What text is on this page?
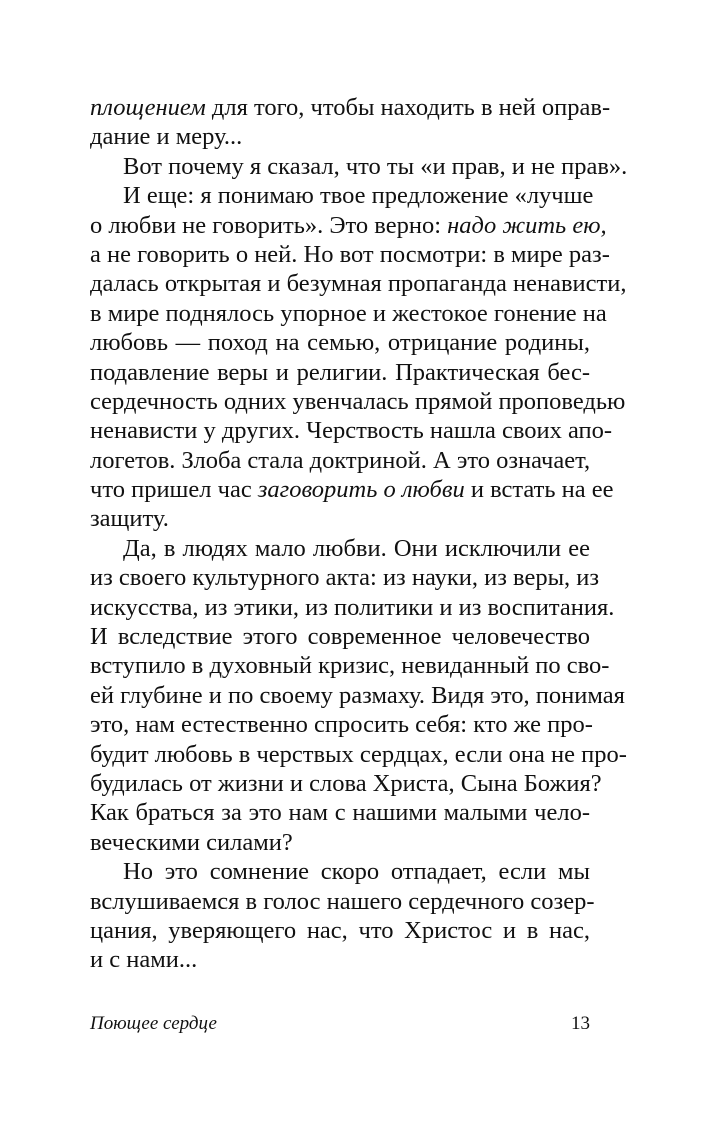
площением для того, чтобы находить в ней оправ-
дание и меру...
Вот почему я сказал, что ты «и прав, и не прав».
И еще: я понимаю твое предложение «лучше
о любви не говорить». Это верно: надо жить ею,
а не говорить о ней. Но вот посмотри: в мире раз-
далась открытая и безумная пропаганда ненависти,
в мире поднялось упорное и жестокое гонение на
любовь — поход на семью, отрицание родины,
подавление веры и религии. Практическая бес-
сердечность одних увенчалась прямой проповедью
ненависти у других. Черствость нашла своих апо-
логетов. Злоба стала доктриной. А это означает,
что пришел час заговорить о любви и встать на ее
защиту.
Да, в людях мало любви. Они исключили ее
из своего культурного акта: из науки, из веры, из
искусства, из этики, из политики и из воспитания.
И вследствие этого современное человечество
вступило в духовный кризис, невиданный по сво-
ей глубине и по своему размаху. Видя это, понимая
это, нам естественно спросить себя: кто же про-
будит любовь в черствых сердцах, если она не про-
будилась от жизни и слова Христа, Сына Божия?
Как браться за это нам с нашими малыми чело-
веческими силами?
Но это сомнение скоро отпадает, если мы
вслушиваемся в голос нашего сердечного созер-
цания, уверяющего нас, что Христос и в нас,
и с нами...
Поющее сердце	13
